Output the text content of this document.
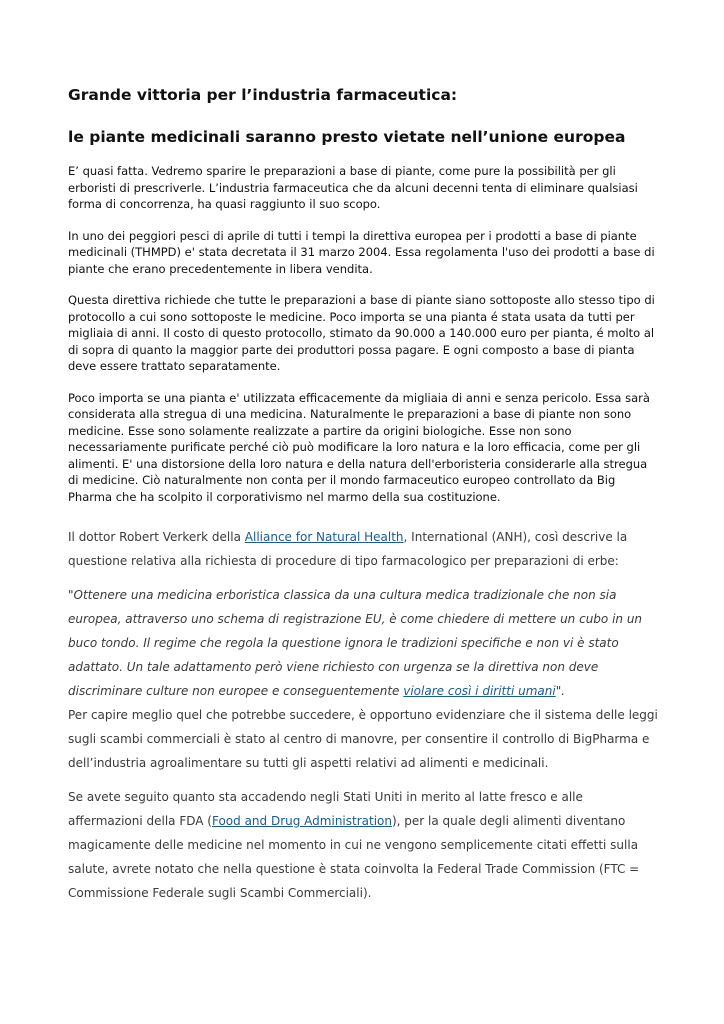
Grande vittoria per l’industria farmaceutica:
le piante medicinali saranno presto vietate nell’unione europea

E’ quasi fatta. Vedremo sparire le preparazioni a base di piante, come pure la possibilità per gli erboristi di prescriverle. L’industria farmaceutica che da alcuni decenni tenta di eliminare qualsiasi forma di concorrenza, ha quasi raggiunto il suo scopo.

In uno dei peggiori pesci di aprile di tutti i tempi la direttiva europea per i prodotti a base di piante medicinali (THMPD) e' stata decretata il 31 marzo 2004. Essa regolamenta l'uso dei prodotti a base di piante che erano precedentemente in libera vendita.

Questa direttiva richiede che tutte le preparazioni a base di piante siano sottoposte allo stesso tipo di protocollo a cui sono sottoposte le medicine. Poco importa se una pianta é stata usata da tutti per migliaia di anni. Il costo di questo protocollo, stimato da 90.000 a 140.000 euro per pianta, é molto al di sopra di quanto la maggior parte dei produttori possa pagare. E ogni composto a base di pianta deve essere trattato separatamente.

Poco importa se una pianta e' utilizzata efficacemente da migliaia di anni e senza pericolo. Essa sarà considerata alla stregua di una medicina. Naturalmente le preparazioni a base di piante non sono medicine. Esse sono solamente realizzate a partire da origini biologiche. Esse non sono necessariamente purificate perché ciò può modificare la loro natura e la loro efficacia, come per gli alimenti. E' una distorsione della loro natura e della natura dell'erboristeria considerarle alla stregua di medicine. Ciò naturalmente non conta per il mondo farmaceutico europeo controllato da Big Pharma che ha scolpito il corporativismo nel marmo della sua costituzione.

Il dottor Robert Verkerk della Alliance for Natural Health, International (ANH), così descrive la questione relativa alla richiesta di procedure di tipo farmacologico per preparazioni di erbe:

"Ottenere una medicina erboristica classica da una cultura medica tradizionale che non sia europea, attraverso uno schema di registrazione EU, è come chiedere di mettere un cubo in un buco tondo. Il regime che regola la questione ignora le tradizioni specifiche e non vi è stato adattato. Un tale adattamento però viene richiesto con urgenza se la direttiva non deve discriminare culture non europee e conseguentemente violare così i diritti umani".

Per capire meglio quel che potrebbe succedere, è opportuno evidenziare che il sistema delle leggi sugli scambi commerciali è stato al centro di manovre, per consentire il controllo di BigPharma e dell’industria agroalimentare su tutti gli aspetti relativi ad alimenti e medicinali.

Se avete seguito quanto sta accadendo negli Stati Uniti in merito al latte fresco e alle affermazioni della FDA (Food and Drug Administration), per la quale degli alimenti diventano magicamente delle medicine nel momento in cui ne vengono semplicemente citati effetti sulla salute, avrete notato che nella questione è stata coinvolta la Federal Trade Commission (FTC = Commissione Federale sugli Scambi Commerciali).
